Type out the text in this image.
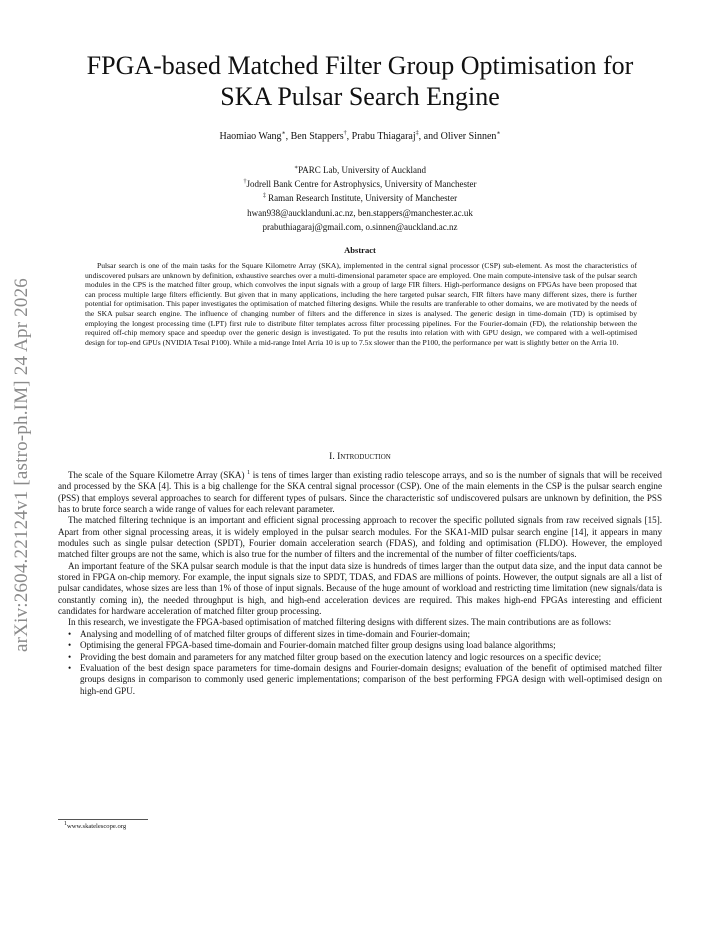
arXiv:2604.22124v1 [astro-ph.IM] 24 Apr 2026
FPGA-based Matched Filter Group Optimisation for SKA Pulsar Search Engine
Haomiao Wang∗, Ben Stappers†, Prabu Thiagaraj‡, and Oliver Sinnen∗
∗PARC Lab, University of Auckland
†Jodrell Bank Centre for Astrophysics, University of Manchester
‡ Raman Research Institute, University of Manchester
hwan938@aucklanduni.ac.nz, ben.stappers@manchester.ac.uk
prabuthiagaraj@gmail.com, o.sinnen@auckland.ac.nz
Abstract
Pulsar search is one of the main tasks for the Square Kilometre Array (SKA), implemented in the central signal processor (CSP) sub-element. As most the characteristics of undiscovered pulsars are unknown by definition, exhaustive searches over a multi-dimensional parameter space are employed. One main compute-intensive task of the pulsar search modules in the CPS is the matched filter group, which convolves the input signals with a group of large FIR filters. High-performance designs on FPGAs have been proposed that can process multiple large filters efficiently. But given that in many applications, including the here targeted pulsar search, FIR filters have many different sizes, there is further potential for optimisation. This paper investigates the optimisation of matched filtering designs. While the results are tranferable to other domains, we are motivated by the needs of the SKA pulsar search engine. The influence of changing number of filters and the difference in sizes is analysed. The generic design in time-domain (TD) is optimised by employing the longest processing time (LPT) first rule to distribute filter templates across filter processing pipelines. For the Fourier-domain (FD), the relationship between the required off-chip memory space and speedup over the generic design is investigated. To put the results into relation with with GPU design, we compared with a well-optimised design for top-end GPUs (NVIDIA Tesal P100). While a mid-range Intel Arria 10 is up to 7.5x slower than the P100, the performance per watt is slightly better on the Arria 10.
I. Introduction

The scale of the Square Kilometre Array (SKA) $^1$ is tens of times larger than existing radio telescope arrays, and so is the number of signals that will be received and processed by the SKA [4]. This is a big challenge for the SKA central signal processor (CSP). One of the main elements in the CSP is the pulsar search engine (PSS) that employs several approaches to search for different types of pulsars. Since the characteristic sof undiscovered pulsars are unknown by definition, the PSS has to brute force search a wide range of values for each relevant parameter.

The matched filtering technique is an important and efficient signal processing approach to recover the specific polluted signals from raw received signals [15]. Apart from other signal processing areas, it is widely employed in the pulsar search modules. For the SKA1-MID pulsar search engine [14], it appears in many modules such as single pulsar detection (SPDT), Fourier domain acceleration search (FDAS), and folding and optimisation (FLDO). However, the employed matched filter groups are not the same, which is also true for the number of filters and the incremental of the number of filter coefficients/taps.

An important feature of the SKA pulsar search module is that the input data size is hundreds of times larger than the output data size, and the input data cannot be stored in FPGA on-chip memory. For example, the input signals size to SPDT, TDAS, and FDAS are millions of points. However, the output signals are all a list of pulsar candidates, whose sizes are less than 1% of those of input signals. Because of the huge amount of workload and restricting time limitation (new signals/data is constantly coming in), the needed throughput is high, and high-end acceleration devices are required. This makes high-end FPGAs interesting and efficient candidates for hardware acceleration of matched filter group processing.

In this research, we investigate the FPGA-based optimisation of matched filtering designs with different sizes. The main contributions are as follows:

• Analysing and modelling of of matched filter groups of different sizes in time-domain and Fourier-domain;
• Optimising the general FPGA-based time-domain and Fourier-domain matched filter group designs using load balance algorithms;
• Providing the best domain and parameters for any matched filter group based on the execution latency and logic resources on a specific device;
• Evaluation of the best design space parameters for time-domain designs and Fourier-domain designs; evaluation of the benefit of optimised matched filter groups designs in comparison to commonly used generic implementations; comparison of the best performing FPGA design with well-optimised design on high-end GPU.
$^1$www.skatelescope.org
